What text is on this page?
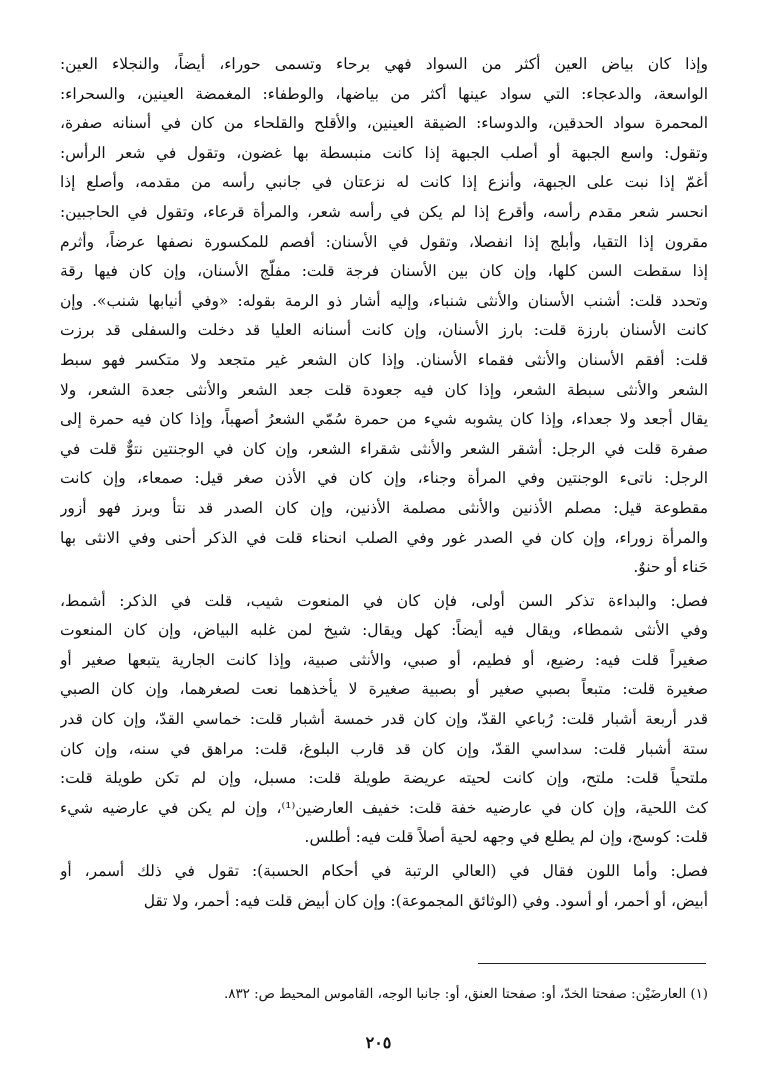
وإذا كان بياض العين أكثر من السواد فهي برحاء وتسمى حوراء، أيضاً، والنجلاء العين:
الواسعة، والدعجاء: التي سواد عينها أكثر من بياضها، والوطفاء: المغمضة العينين، والسحراء:
المحمرة سواد الحدقين، والدوساء: الضيقة العينين، والأقلح والقلحاء من كان في أسنانه صفرة،
وتقول: واسع الجبهة أو أصلب الجبهة إذا كانت منبسطة بها غضون، وتقول في شعر الرأس:
أغمّ إذا نبت على الجبهة، وأنزع إذا كانت له نزعتان في جانبي رأسه من مقدمه، وأصلع إذا
انحسر شعر مقدم رأسه، وأقرع إذا لم يكن في رأسه شعر، والمرأة قرعاء، وتقول في الحاجبين:
مقرون إذا التقيا، وأبلج إذا انفصلا، وتقول في الأسنان: أفصم للمكسورة نصفها عرضاً، وأثرم
إذا سقطت السن كلها، وإن كان بين الأسنان فرجة قلت: مفلّج الأسنان، وإن كان فيها رقة
وتحدد قلت: أشنب الأسنان والأنثى شنباء، وإليه أشار ذو الرمة بقوله: «وفي أنيابها شنب». وإن
كانت الأسنان بارزة قلت: بارز الأسنان، وإن كانت أسنانه العليا قد دخلت والسفلى قد برزت
قلت: أفقم الأسنان والأنثى فقماء الأسنان. وإذا كان الشعر غير متجعد ولا متكسر فهو سبط
الشعر والأنثى سبطة الشعر، وإذا كان فيه جعودة قلت جعد الشعر والأنثى جعدة الشعر، ولا
يقال أجعد ولا جعداء، وإذا كان يشوبه شيء من حمرة سُمّي الشعرُ أصهباً، وإذا كان فيه حمرة إلى
صفرة قلت في الرجل: أشقر الشعر والأنثى شقراء الشعر، وإن كان في الوجنتين نتوٌّ قلت في
الرجل: ناتىء الوجنتين وفي المرأة وجناء، وإن كان في الأذن صغر قيل: صمعاء، وإن كانت
مقطوعة قيل: مصلم الأذنين والأنثى مصلمة الأذنين، وإن كان الصدر قد نتأ وبرز فهو أزور
والمرأة زوراء، وإن كان في الصدر غور وفي الصلب انحناء قلت في الذكر أحنى وفي الانثى بها
حَناء أو حنوٌ.
فصل: والبداءة تذكر السن أولى، فإن كان في المنعوت شيب، قلت في الذكر: أشمط،
وفي الأنثى شمطاء، ويقال فيه أيضاً: كهل ويقال: شيخ لمن غلبه البياض، وإن كان المنعوت
صغيراً قلت فيه: رضيع، أو فطيم، أو صبي، والأنثى صبية، وإذا كانت الجارية يتبعها صغير أو
صغيرة قلت: متبعاً بصبي صغير أو بصبية صغيرة لا يأخذهما نعت لصغرهما، وإن كان الصبي
قدر أربعة أشبار قلت: رُباعي القدّ، وإن كان قدر خمسة أشبار قلت: خماسي القدّ، وإن كان قدر
ستة أشبار قلت: سداسي القدّ، وإن كان قد قارب البلوغ، قلت: مراهق في سنه، وإن كان
ملتحياً قلت: ملتح، وإن كانت لحيته عريضة طويلة قلت: مسبل، وإن لم تكن طويلة قلت:
كث اللحية، وإن كان في عارضيه خفة قلت: خفيف العارضين⁽¹⁾، وإن لم يكن في عارضيه شيء
قلت: كوسج، وإن لم يطلع في وجهه لحية أصلاً قلت فيه: أطلس.
فصل: وأما اللون فقال في (العالي الرتبة في أحكام الحسبة): تقول في ذلك أسمر، أو
أبيض، أو أحمر، أو أسود. وفي (الوثائق المجموعة): وإن كان أبيض قلت فيه: أحمر، ولا تقل
(١) العارضَيْن: صفحتا الخدّ، أو: صفحتا العنق، أو: جانبا الوجه، القاموس المحيط ص: ٨٣٢.
٢٠٥
